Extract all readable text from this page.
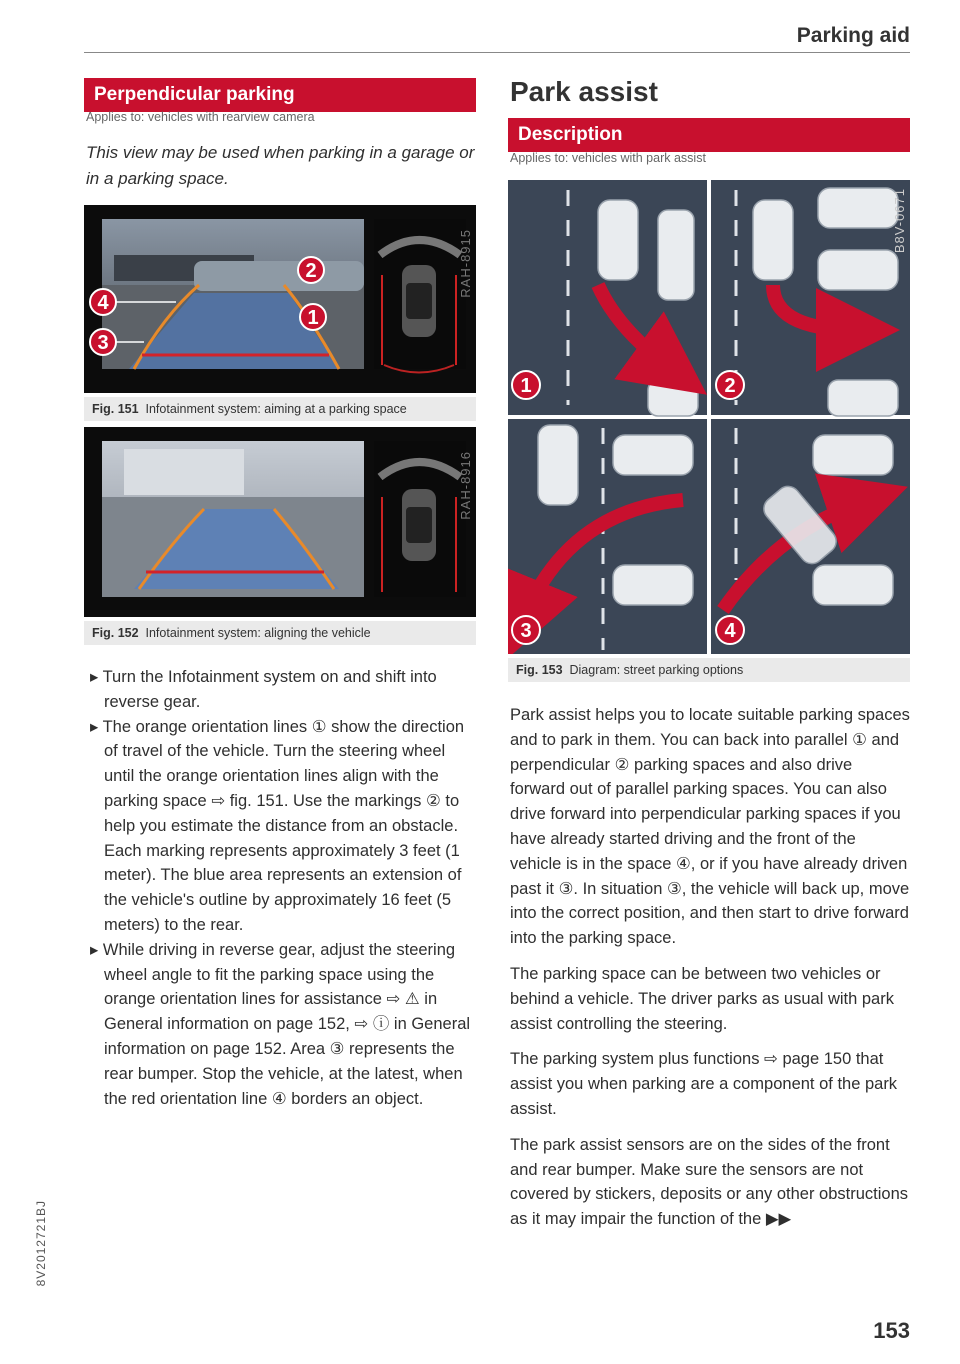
Parking aid
Perpendicular parking
Applies to: vehicles with rearview camera
This view may be used when parking in a garage or in a parking space.
2
1
4
3
RAH-8915
Fig. 151 Infotainment system: aiming at a parking space
RAH-8916
Fig. 152 Infotainment system: aligning the vehicle

▸ Turn the Infotainment system on and shift into reverse gear.

▸ The orange orientation lines ① show the direction of travel of the vehicle. Turn the steering wheel until the orange orientation lines align with the parking space ⇨ fig. 151. Use the markings ② to help you estimate the distance from an obstacle. Each marking represents approximately 3 feet (1 meter). The blue area represents an extension of the vehicle's outline by approximately 16 feet (5 meters) to the rear.

▸ While driving in reverse gear, adjust the steering wheel angle to fit the parking space using the orange orientation lines for assistance ⇨ ⚠ in General information on page 152, ⇨ ⓘ in General information on page 152. Area ③ represents the rear bumper. Stop the vehicle, at the latest, when the red orientation line ④ borders an object.

Park assist
Description
Applies to: vehicles with park assist
1	2
3	4
B8V-0671
Fig. 153 Diagram: street parking options

Park assist helps you to locate suitable parking spaces and to park in them. You can back into parallel ① and perpendicular ② parking spaces and also drive forward out of parallel parking spaces. You can also drive forward into perpendicular parking spaces if you have already started driving and the front of the vehicle is in the space ④, or if you have already driven past it ③. In situation ③, the vehicle will back up, move into the correct position, and then start to drive forward into the parking space.

The parking space can be between two vehicles or behind a vehicle. The driver parks as usual with park assist controlling the steering.

The parking system plus functions ⇨ page 150 that assist you when parking are a component of the park assist.

The park assist sensors are on the sides of the front and rear bumper. Make sure the sensors are not covered by stickers, deposits or any other obstructions as it may impair the function of the ▶▶

153
8V2012721BJ
